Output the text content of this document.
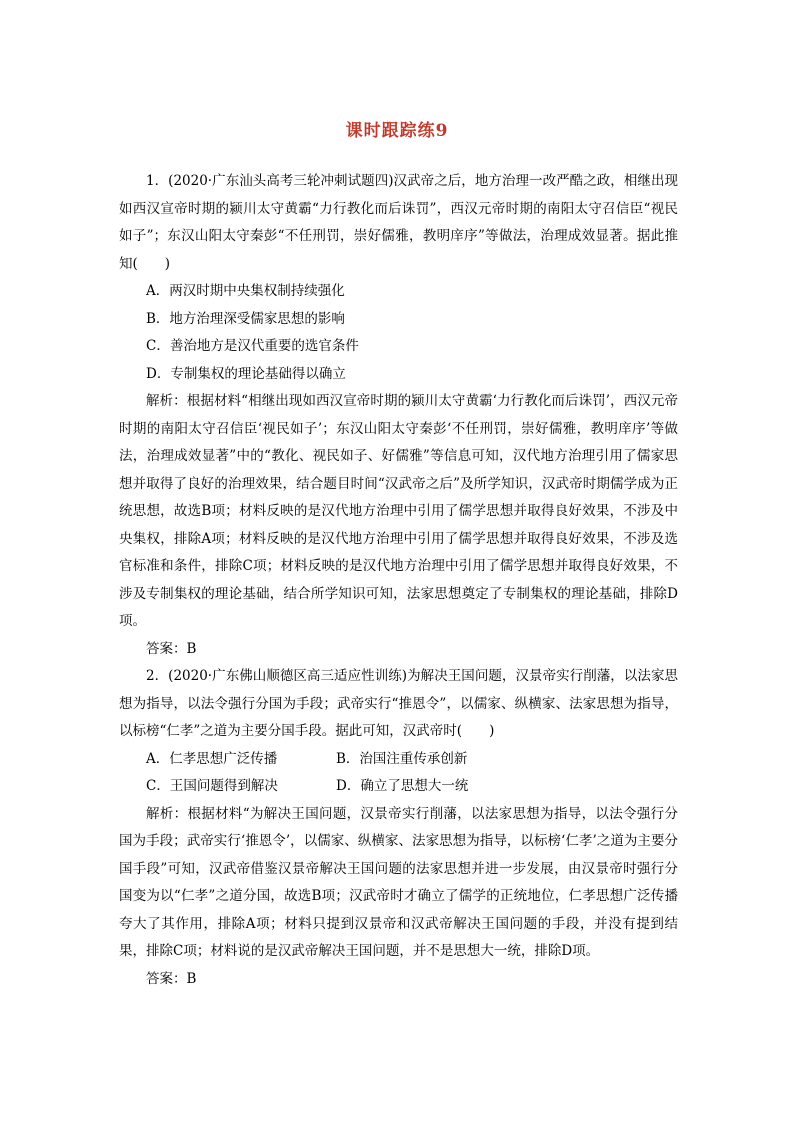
课时跟踪练9

1．(2020·广东汕头高考三轮冲刺试题四)汉武帝之后，地方治理一改严酷之政，相继出现如西汉宣帝时期的颍川太守黄霸“力行教化而后诛罚”，西汉元帝时期的南阳太守召信臣“视民如子”；东汉山阳太守秦彭“不任刑罚，崇好儒雅，教明庠序”等做法，治理成效显著。据此推知(　　)

A．两汉时期中央集权制持续强化

B．地方治理深受儒家思想的影响

C．善治地方是汉代重要的选官条件

D．专制集权的理论基础得以确立

解析：根据材料“相继出现如西汉宣帝时期的颍川太守黄霸‘力行教化而后诛罚’，西汉元帝时期的南阳太守召信臣‘视民如子’；东汉山阳太守秦彭‘不任刑罚，崇好儒雅，教明庠序’等做法，治理成效显著”中的“教化、视民如子、好儒雅”等信息可知，汉代地方治理引用了儒家思想并取得了良好的治理效果，结合题目时间“汉武帝之后”及所学知识，汉武帝时期儒学成为正统思想，故选B项；材料反映的是汉代地方治理中引用了儒学思想并取得良好效果，不涉及中央集权，排除A项；材料反映的是汉代地方治理中引用了儒学思想并取得良好效果，不涉及选官标准和条件，排除C项；材料反映的是汉代地方治理中引用了儒学思想并取得良好效果，不涉及专制集权的理论基础，结合所学知识可知，法家思想奠定了专制集权的理论基础，排除D项。

答案：B

2．(2020·广东佛山顺德区高三适应性训练)为解决王国问题，汉景帝实行削藩，以法家思想为指导，以法令强行分国为手段；武帝实行“推恩令”，以儒家、纵横家、法家思想为指导，以标榜“仁孝”之道为主要分国手段。据此可知，汉武帝时(　　)

A．仁孝思想广泛传播	B．治国注重传承创新
C．王国问题得到解决	D．确立了思想大一统

解析：根据材料“为解决王国问题，汉景帝实行削藩，以法家思想为指导，以法令强行分国为手段；武帝实行‘推恩令’，以儒家、纵横家、法家思想为指导，以标榜‘仁孝’之道为主要分国手段”可知，汉武帝借鉴汉景帝解决王国问题的法家思想并进一步发展，由汉景帝时强行分国变为以“仁孝”之道分国，故选B项；汉武帝时才确立了儒学的正统地位，仁孝思想广泛传播夸大了其作用，排除A项；材料只提到汉景帝和汉武帝解决王国问题的手段，并没有提到结果，排除C项；材料说的是汉武帝解决王国问题，并不是思想大一统，排除D项。

答案：B
